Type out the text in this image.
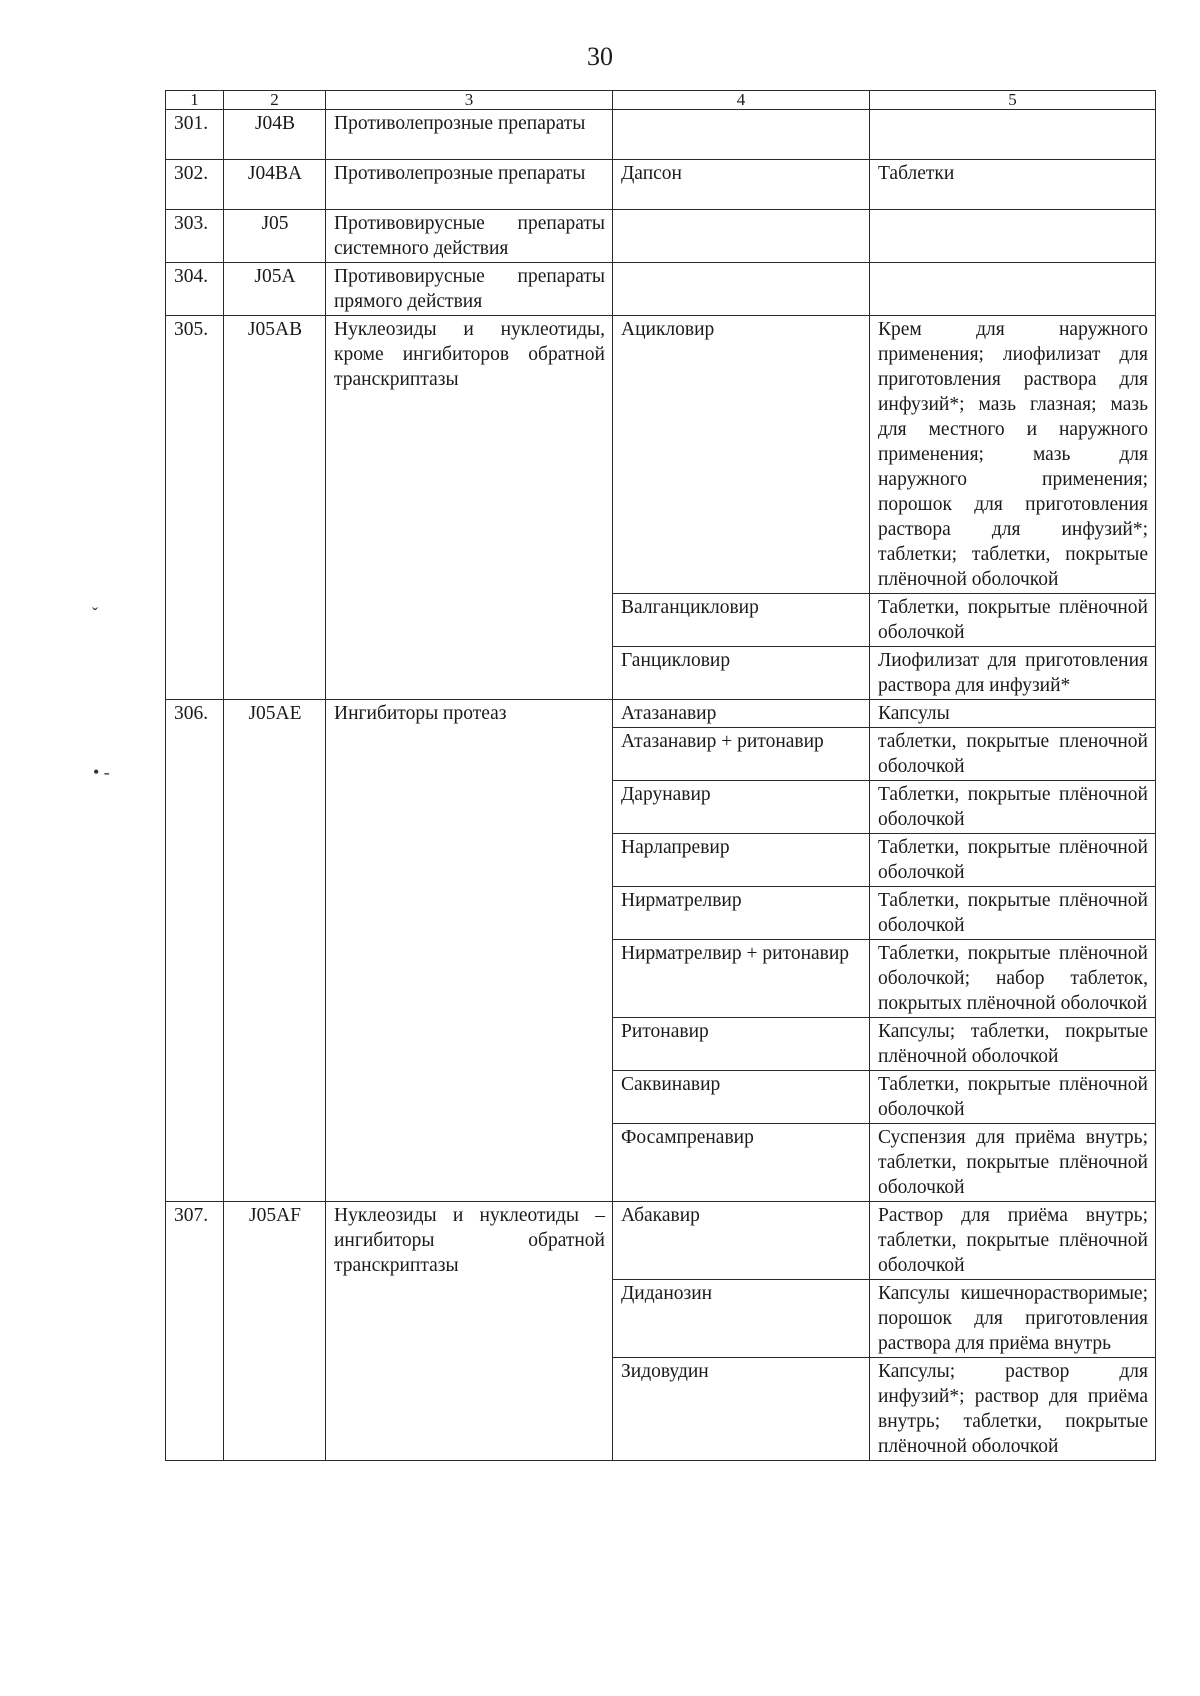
30
1	2	3	4	5
301.	J04B	Противолепрозные препараты		
302.	J04BA	Противолепрозные препараты	Дапсон	Таблетки
303.	J05	Противовирусные препараты системного действия		
304.	J05A	Противовирусные препараты прямого действия		
305.	J05AB	Нуклеозиды и нуклеотиды, кроме ингибиторов обратной транскриптазы	Ацикловир	Крем для наружного применения; лиофилизат для приготовления раствора для инфузий*; мазь глазная; мазь для местного и наружного применения; мазь для наружного применения; порошок для приготовления раствора для инфузий*; таблетки; таблетки, покрытые плёночной оболочкой
			Валганцикловир	Таблетки, покрытые плёночной оболочкой
			Ганцикловир	Лиофилизат для приготовления раствора для инфузий*
306.	J05AE	Ингибиторы протеаз	Атазанавир	Капсулы
			Атазанавир + ритонавир	таблетки, покрытые пленочной оболочкой
			Дарунавир	Таблетки, покрытые плёночной оболочкой
			Нарлапревир	Таблетки, покрытые плёночной оболочкой
			Нирматрелвир	Таблетки, покрытые плёночной оболочкой
			Нирматрелвир + ритонавир	Таблетки, покрытые плёночной оболочкой; набор таблеток, покрытых плёночной оболочкой
			Ритонавир	Капсулы; таблетки, покрытые плёночной оболочкой
			Саквинавир	Таблетки, покрытые плёночной оболочкой
			Фосампренавир	Суспензия для приёма внутрь; таблетки, покрытые плёночной оболочкой
307.	J05AF	Нуклеозиды и нуклеотиды – ингибиторы обратной транскриптазы	Абакавир	Раствор для приёма внутрь; таблетки, покрытые плёночной оболочкой
			Диданозин	Капсулы кишечнорастворимые; порошок для приготовления раствора для приёма внутрь
			Зидовудин	Капсулы; раствор для инфузий*; раствор для приёма внутрь; таблетки, покрытые плёночной оболочкой
ˇ
• ‐
